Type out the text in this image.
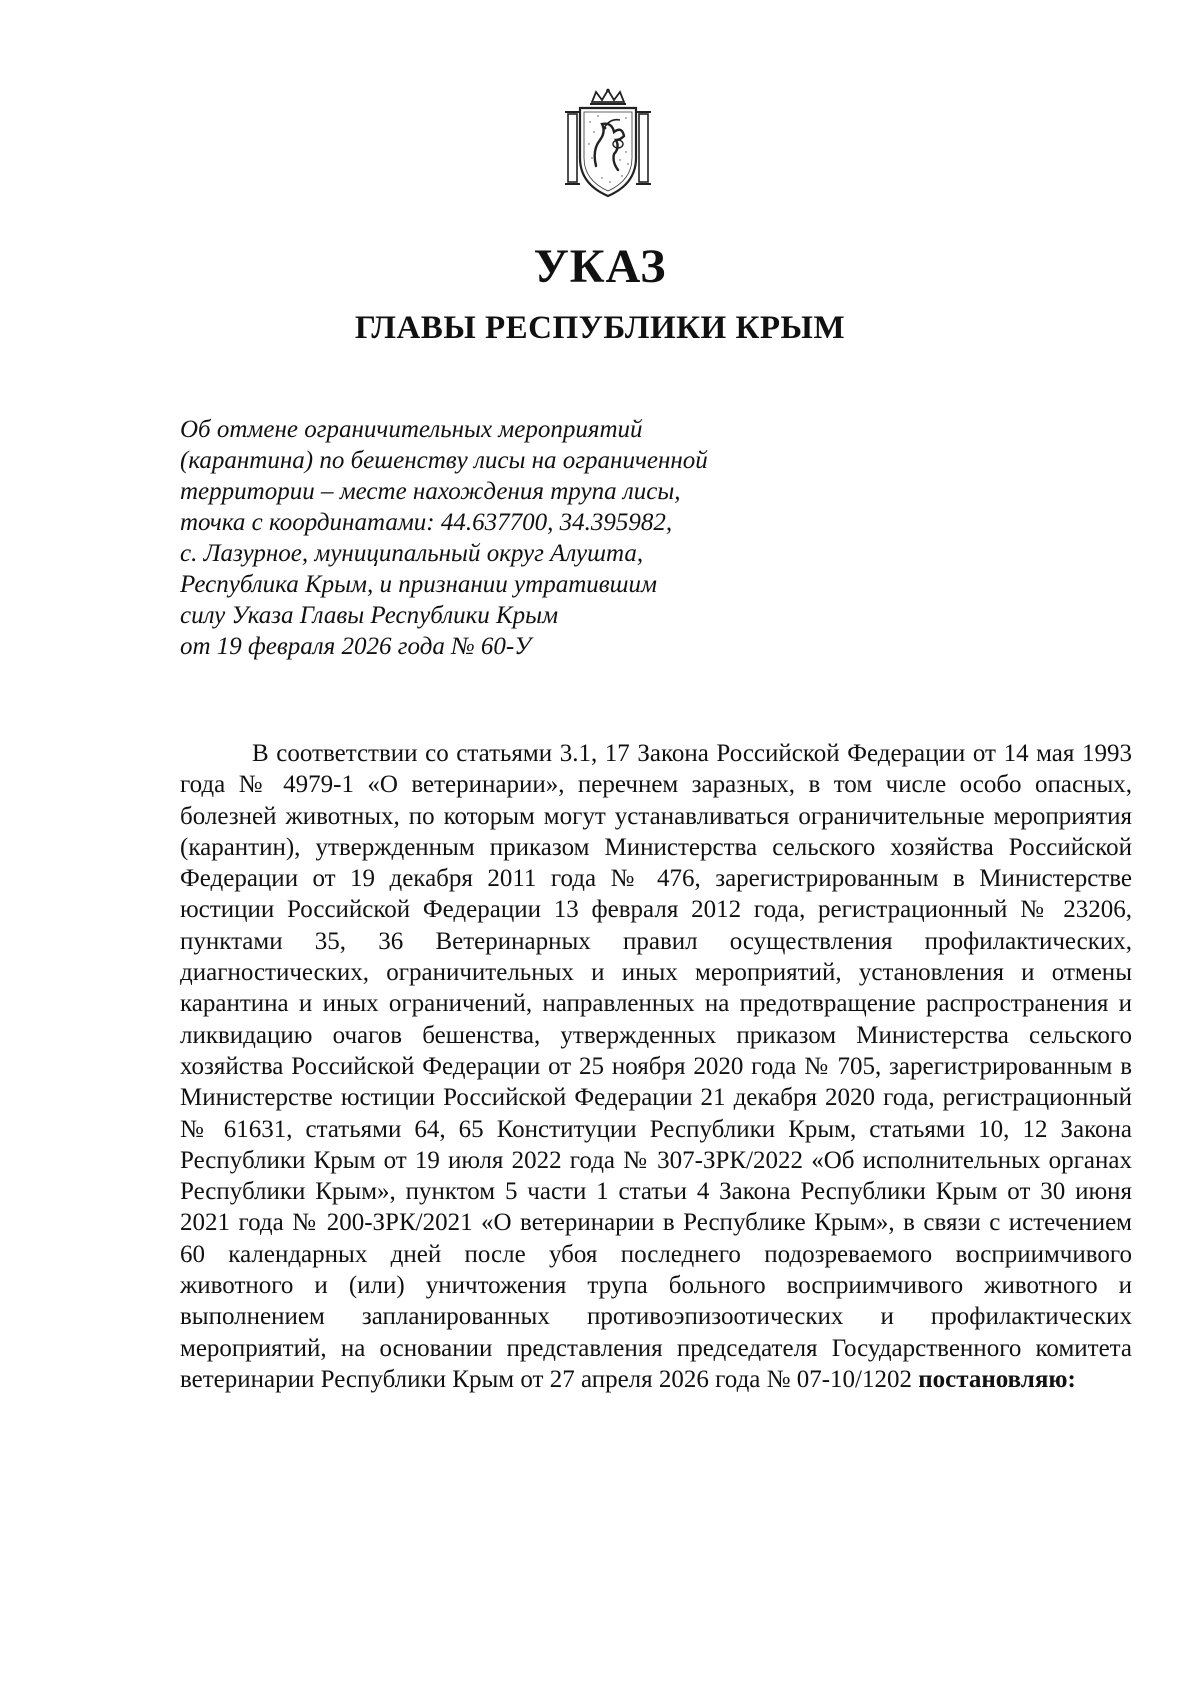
УКАЗ
ГЛАВЫ РЕСПУБЛИКИ КРЫМ
Об отмене ограничительных мероприятий
(карантина) по бешенству лисы на ограниченной
территории – месте нахождения трупа лисы,
точка с координатами: 44.637700, 34.395982,
с. Лазурное, муниципальный округ Алушта,
Республика Крым, и признании утратившим
силу Указа Главы Республики Крым
от 19 февраля 2026 года № 60-У

В соответствии со статьями 3.1, 17 Закона Российской Федерации от 14 мая 1993 года № 4979-1 «О ветеринарии», перечнем заразных, в том числе особо опасных, болезней животных, по которым могут устанавливаться ограничительные мероприятия (карантин), утвержденным приказом Министерства сельского хозяйства Российской Федерации от 19 декабря 2011 года № 476, зарегистрированным в Министерстве юстиции Российской Федерации 13 февраля 2012 года, регистрационный № 23206, пунктами 35, 36 Ветеринарных правил осуществления профилактических, диагностических, ограничительных и иных мероприятий, установления и отмены карантина и иных ограничений, направленных на предотвращение распространения и ликвидацию очагов бешенства, утвержденных приказом Министерства сельского хозяйства Российской Федерации от 25 ноября 2020 года № 705, зарегистрированным в Министерстве юстиции Российской Федерации 21 декабря 2020 года, регистрационный № 61631, статьями 64, 65 Конституции Республики Крым, статьями 10, 12 Закона Республики Крым от 19 июля 2022 года № 307-ЗРК/2022 «Об исполнительных органах Республики Крым», пунктом 5 части 1 статьи 4 Закона Республики Крым от 30 июня 2021 года № 200-ЗРК/2021 «О ветеринарии в Республике Крым», в связи с истечением 60 календарных дней после убоя последнего подозреваемого восприимчивого животного и (или) уничтожения трупа больного восприимчивого животного и выполнением запланированных противоэпизоотических и профилактических мероприятий, на основании представления председателя Государственного комитета ветеринарии Республики Крым от 27 апреля 2026 года № 07-10/1202 постановляю:
